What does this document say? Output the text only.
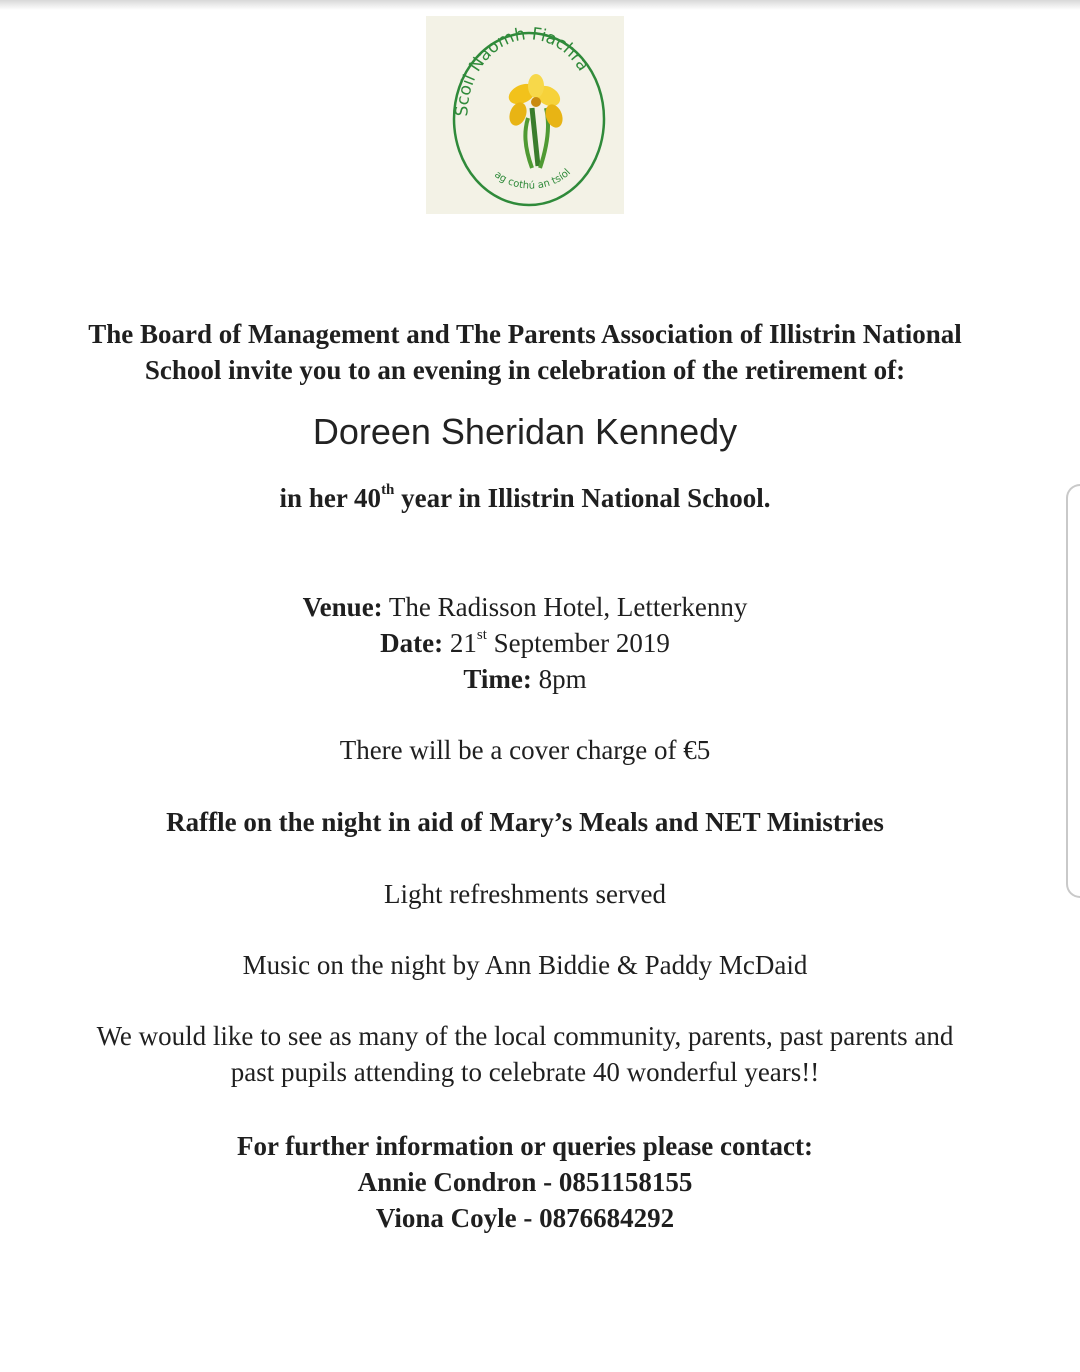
Scoil Naomh Fiachra
ag cothú an tsíol
The Board of Management and The Parents Association of Illistrin National
School invite you to an evening in celebration of the retirement of:
Doreen Sheridan Kennedy
in her 40th year in Illistrin National School.
Venue: The Radisson Hotel, Letterkenny
Date: 21st September 2019
Time: 8pm
There will be a cover charge of €5
Raffle on the night in aid of Mary’s Meals and NET Ministries
Light refreshments served
Music on the night by Ann Biddie & Paddy McDaid
We would like to see as many of the local community, parents, past parents and
past pupils attending to celebrate 40 wonderful years!!
For further information or queries please contact:
Annie Condron - 0851158155
Viona Coyle - 0876684292
